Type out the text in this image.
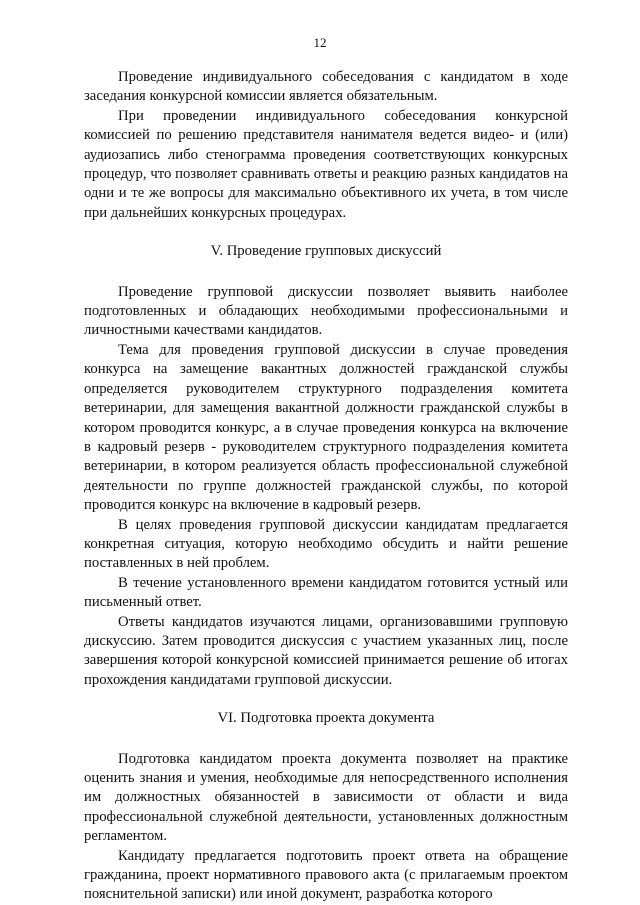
12

Проведение индивидуального собеседования с кандидатом в ходе заседания конкурсной комиссии является обязательным.

При проведении индивидуального собеседования конкурсной комиссией по решению представителя нанимателя ведется видео- и (или) аудиозапись либо стенограмма проведения соответствующих конкурсных процедур, что позволяет сравнивать ответы и реакцию разных кандидатов на одни и те же вопросы для максимально объективного их учета, в том числе при дальнейших конкурсных процедурах.

V. Проведение групповых дискуссий

Проведение групповой дискуссии позволяет выявить наиболее подготовленных и обладающих необходимыми профессиональными и личностными качествами кандидатов.

Тема для проведения групповой дискуссии в случае проведения конкурса на замещение вакантных должностей гражданской службы определяется руководителем структурного подразделения комитета ветеринарии, для замещения вакантной должности гражданской службы в котором проводится конкурс, а в случае проведения конкурса на включение в кадровый резерв - руководителем структурного подразделения комитета ветеринарии, в котором реализуется область профессиональной служебной деятельности по группе должностей гражданской службы, по которой проводится конкурс на включение в кадровый резерв.

В целях проведения групповой дискуссии кандидатам предлагается конкретная ситуация, которую необходимо обсудить и найти решение поставленных в ней проблем.

В течение установленного времени кандидатом готовится устный или письменный ответ.

Ответы кандидатов изучаются лицами, организовавшими групповую дискуссию. Затем проводится дискуссия с участием указанных лиц, после завершения которой конкурсной комиссией принимается решение об итогах прохождения кандидатами групповой дискуссии.

VI. Подготовка проекта документа

Подготовка кандидатом проекта документа позволяет на практике оценить знания и умения, необходимые для непосредственного исполнения им должностных обязанностей в зависимости от области и вида профессиональной служебной деятельности, установленных должностным регламентом.

Кандидату предлагается подготовить проект ответа на обращение гражданина, проект нормативного правового акта (с прилагаемым проектом пояснительной записки) или иной документ, разработка которого
